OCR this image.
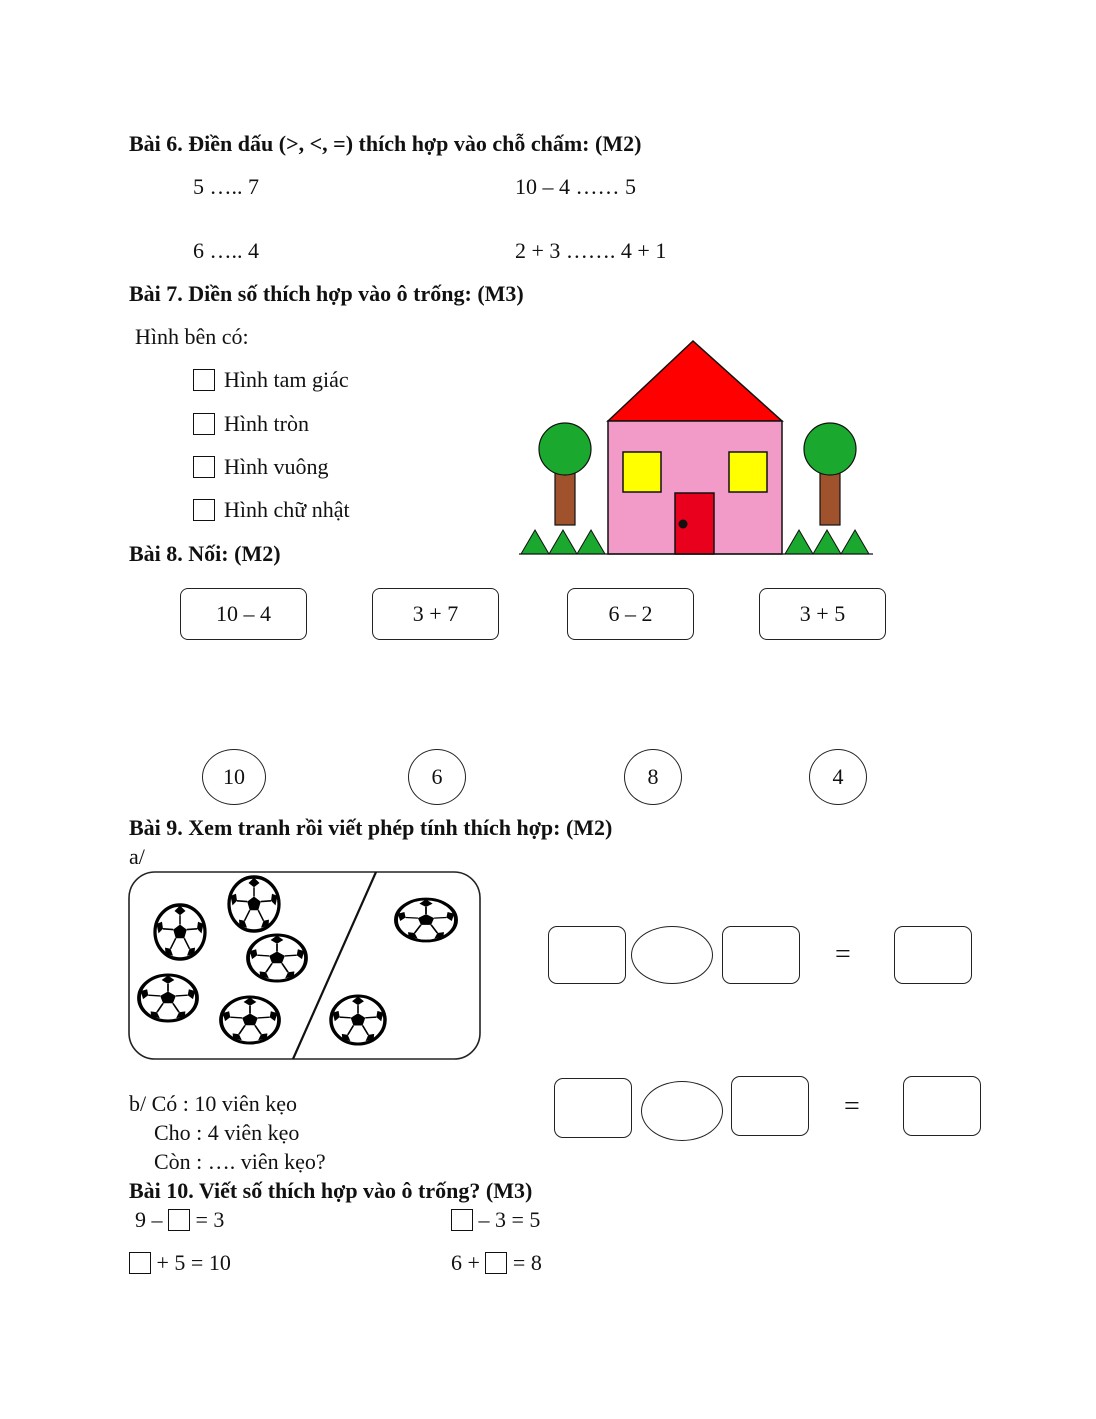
Bài 6. Điền dấu (>, <, =) thích hợp vào chỗ chấm: (M2)
5 ….. 7	10 – 4 …… 5
6 ….. 4	2 + 3 ……. 4 + 1
Bài 7. Diền số thích hợp vào ô trống: (M3)
Hình bên có:
Hình tam giác
Hình tròn
Hình vuông
Hình chữ nhật
Bài 8. Nối: (M2)
10 – 4	3 + 7	6 – 2	3 + 5
10	6	8	4
Bài 9. Xem tranh rồi viết phép tính thích hợp: (M2)
a/
=
b/ Có : 10 viên kẹo
Cho : 4 viên kẹo
Còn : …. viên kẹo?
=
Bài 10. Viết số thích hợp vào ô trống? (M3)
9 –  = 3	– 3 = 5
+ 5 = 10	6 +  = 8
